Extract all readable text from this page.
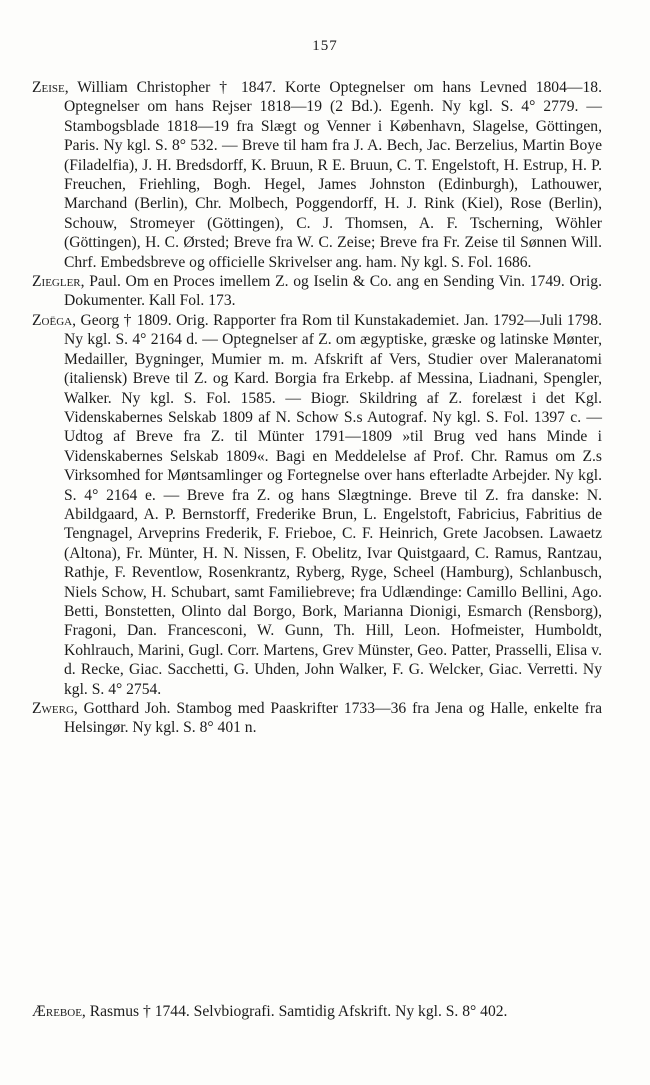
157

Zeise, William Christopher † 1847. Korte Optegnelser om hans Levned 1804—18. Optegnelser om hans Rejser 1818—19 (2 Bd.). Egenh. Ny kgl. S. 4° 2779. — Stambogsblade 1818—19 fra Slægt og Venner i København, Slagelse, Göttingen, Paris. Ny kgl. S. 8° 532. — Breve til ham fra J. A. Bech, Jac. Berzelius, Martin Boye (Filadelfia), J. H. Bredsdorff, K. Bruun, R E. Bruun, C. T. Engelstoft, H. Estrup, H. P. Freuchen, Friehling, Bogh. Hegel, James Johnston (Edinburgh), Lathouwer, Marchand (Berlin), Chr. Molbech, Poggendorff, H. J. Rink (Kiel), Rose (Berlin), Schouw, Stromeyer (Göttingen), C. J. Thomsen, A. F. Tscherning, Wöhler (Göttingen), H. C. Ørsted; Breve fra W. C. Zeise; Breve fra Fr. Zeise til Sønnen Will. Chrf. Embedsbreve og officielle Skrivelser ang. ham. Ny kgl. S. Fol. 1686.

Ziegler, Paul. Om en Proces imellem Z. og Iselin & Co. ang en Sending Vin. 1749. Orig. Dokumenter. Kall Fol. 173.

Zoëga, Georg † 1809. Orig. Rapporter fra Rom til Kunstakademiet. Jan. 1792—Juli 1798. Ny kgl. S. 4° 2164 d. — Optegnelser af Z. om ægyptiske, græske og latinske Mønter, Medailler, Bygninger, Mumier m. m. Afskrift af Vers, Studier over Maleranatomi (italiensk) Breve til Z. og Kard. Borgia fra Erkebp. af Messina, Liadnani, Spengler, Walker. Ny kgl. S. Fol. 1585. — Biogr. Skildring af Z. forelæst i det Kgl. Videnskabernes Selskab 1809 af N. Schow S.s Autograf. Ny kgl. S. Fol. 1397 c. — Udtog af Breve fra Z. til Münter 1791—1809 »til Brug ved hans Minde i Videnskabernes Selskab 1809«. Bagi en Meddelelse af Prof. Chr. Ramus om Z.s Virksomhed for Møntsamlinger og Fortegnelse over hans efterladte Arbejder. Ny kgl. S. 4° 2164 e. — Breve fra Z. og hans Slægtninge. Breve til Z. fra danske: N. Abildgaard, A. P. Bernstorff, Frederike Brun, L. Engelstoft, Fabricius, Fabritius de Tengnagel, Arveprins Frederik, F. Frieboe, C. F. Heinrich, Grete Jacobsen. Lawaetz (Altona), Fr. Münter, H. N. Nissen, F. Obelitz, Ivar Quistgaard, C. Ramus, Rantzau, Rathje, F. Reventlow, Rosenkrantz, Ryberg, Ryge, Scheel (Hamburg), Schlanbusch, Niels Schow, H. Schubart, samt Familiebreve; fra Udlændinge: Camillo Bellini, Ago. Betti, Bonstetten, Olinto dal Borgo, Bork, Marianna Dionigi, Esmarch (Rensborg), Fragoni, Dan. Francesconi, W. Gunn, Th. Hill, Leon. Hofmeister, Humboldt, Kohlrauch, Marini, Gugl. Corr. Martens, Grev Münster, Geo. Patter, Prasselli, Elisa v. d. Recke, Giac. Sacchetti, G. Uhden, John Walker, F. G. Welcker, Giac. Verretti. Ny kgl. S. 4° 2754.

Zwerg, Gotthard Joh. Stambog med Paaskrifter 1733—36 fra Jena og Halle, enkelte fra Helsingør. Ny kgl. S. 8° 401 n.

Æreboe, Rasmus † 1744. Selvbiografi. Samtidig Afskrift. Ny kgl. S. 8° 402.
